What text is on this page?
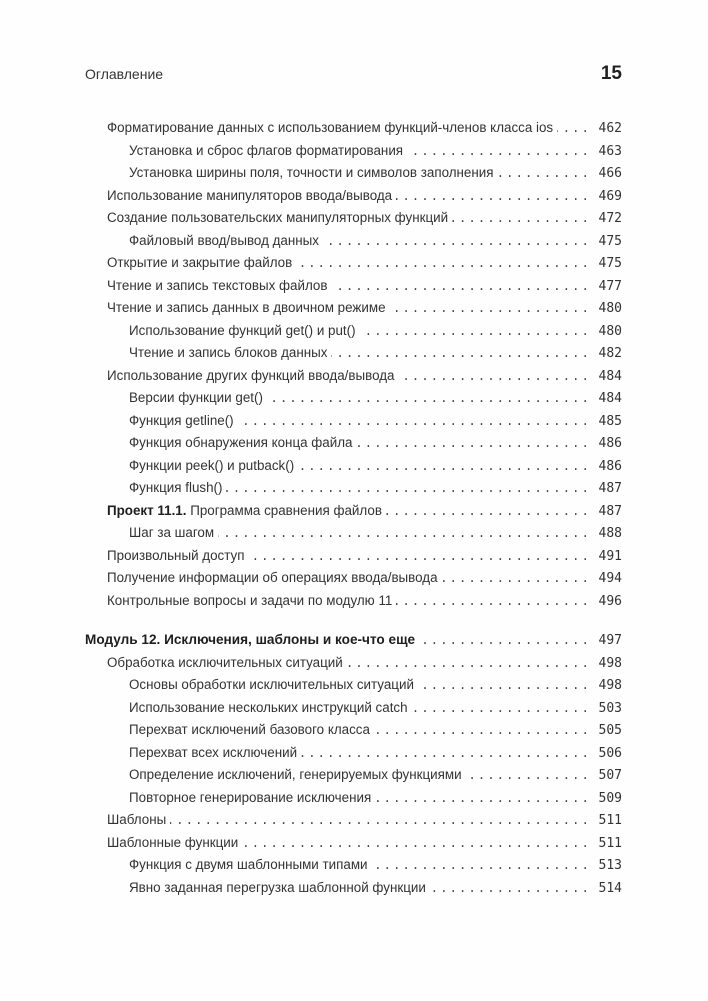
Оглавление	15
Форматирование данных с использованием функций-членов класса ios .....	462
Установка и сброс флагов форматирования .....	463
Установка ширины поля, точности и символов заполнения .....	466
Использование манипуляторов ввода/вывода .....	469
Создание пользовательских манипуляторных функций .....	472
Файловый ввод/вывод данных .....	475
Открытие и закрытие файлов .....	475
Чтение и запись текстовых файлов .....	477
Чтение и запись данных в двоичном режиме .....	480
Использование функций get() и put() .....	480
Чтение и запись блоков данных .....	482
Использование других функций ввода/вывода .....	484
Версии функции get() .....	484
Функция getline() .....	485
Функция обнаружения конца файла .....	486
Функции peek() и putback() .....	486
Функция flush() .....	487
Проект 11.1. Программа сравнения файлов .....	487
Шаг за шагом .....	488
Произвольный доступ .....	491
Получение информации об операциях ввода/вывода .....	494
Контрольные вопросы и задачи по модулю 11 .....	496
Модуль 12. Исключения, шаблоны и кое-что еще .....	497
Обработка исключительных ситуаций .....	498
Основы обработки исключительных ситуаций .....	498
Использование нескольких инструкций catch .....	503
Перехват исключений базового класса .....	505
Перехват всех исключений .....	506
Определение исключений, генерируемых функциями .....	507
Повторное генерирование исключения .....	509
Шаблоны .....	511
Шаблонные функции .....	511
Функция с двумя шаблонными типами .....	513
Явно заданная перегрузка шаблонной функции .....	514
